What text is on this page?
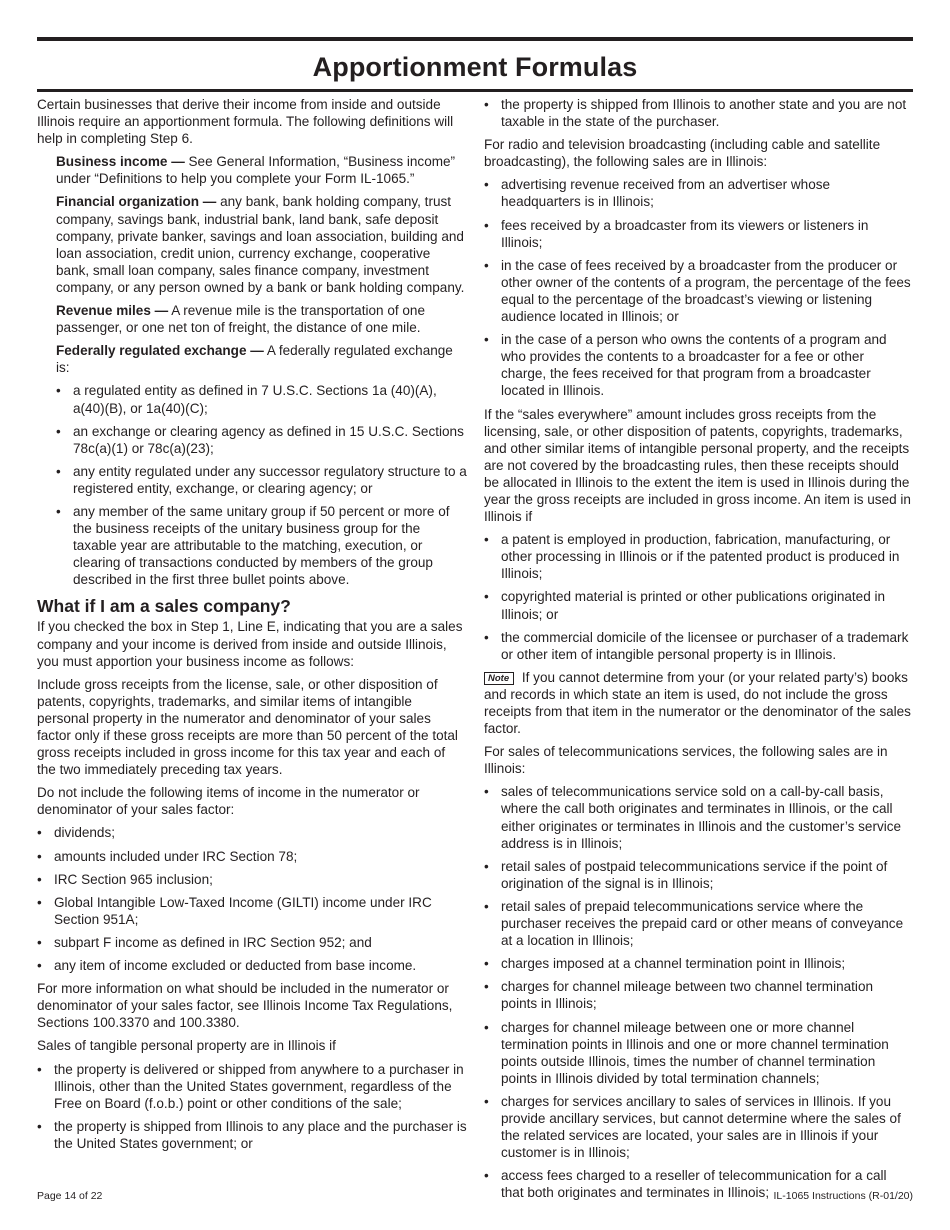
Apportionment Formulas

Certain businesses that derive their income from inside and outside Illinois require an apportionment formula. The following definitions will help in completing Step 6.

Business income — See General Information, “Business income” under “Definitions to help you complete your Form IL-1065.”

Financial organization — any bank, bank holding company, trust company, savings bank, industrial bank, land bank, safe deposit company, private banker, savings and loan association, building and loan association, credit union, currency exchange, cooperative bank, small loan company, sales finance company, investment company, or any person owned by a bank or bank holding company.

Revenue miles — A revenue mile is the transportation of one passenger, or one net ton of freight, the distance of one mile.

Federally regulated exchange — A federally regulated exchange is:

• a regulated entity as defined in 7 U.S.C. Sections 1a (40)(A), a(40)(B), or 1a(40)(C);
• an exchange or clearing agency as defined in 15 U.S.C. Sections 78c(a)(1) or 78c(a)(23);
• any entity regulated under any successor regulatory structure to a registered entity, exchange, or clearing agency; or
• any member of the same unitary group if 50 percent or more of the business receipts of the unitary business group for the taxable year are attributable to the matching, execution, or clearing of transactions conducted by members of the group described in the first three bullet points above.
What if I am a sales company?

If you checked the box in Step 1, Line E, indicating that you are a sales company and your income is derived from inside and outside Illinois, you must apportion your business income as follows:

Include gross receipts from the license, sale, or other disposition of patents, copyrights, trademarks, and similar items of intangible personal property in the numerator and denominator of your sales factor only if these gross receipts are more than 50 percent of the total gross receipts included in gross income for this tax year and each of the two immediately preceding tax years.

Do not include the following items of income in the numerator or denominator of your sales factor:

• dividends;
• amounts included under IRC Section 78;
• IRC Section 965 inclusion;
• Global Intangible Low-Taxed Income (GILTI) income under IRC Section 951A;
• subpart F income as defined in IRC Section 952; and
• any item of income excluded or deducted from base income.

For more information on what should be included in the numerator or denominator of your sales factor, see Illinois Income Tax Regulations, Sections 100.3370 and 100.3380.

Sales of tangible personal property are in Illinois if

• the property is delivered or shipped from anywhere to a purchaser in Illinois, other than the United States government, regardless of the Free on Board (f.o.b.) point or other conditions of the sale;
• the property is shipped from Illinois to any place and the purchaser is the United States government; or
• the property is shipped from Illinois to another state and you are not taxable in the state of the purchaser.

For radio and television broadcasting (including cable and satellite broadcasting), the following sales are in Illinois:

• advertising revenue received from an advertiser whose headquarters is in Illinois;
• fees received by a broadcaster from its viewers or listeners in Illinois;
• in the case of fees received by a broadcaster from the producer or other owner of the contents of a program, the percentage of the fees equal to the percentage of the broadcast’s viewing or listening audience located in Illinois; or
• in the case of a person who owns the contents of a program and who provides the contents to a broadcaster for a fee or other charge, the fees received for that program from a broadcaster located in Illinois.

If the “sales everywhere” amount includes gross receipts from the licensing, sale, or other disposition of patents, copyrights, trademarks, and other similar items of intangible personal property, and the receipts are not covered by the broadcasting rules, then these receipts should be allocated in Illinois to the extent the item is used in Illinois during the year the gross receipts are included in gross income. An item is used in Illinois if

• a patent is employed in production, fabrication, manufacturing, or other processing in Illinois or if the patented product is produced in Illinois;
• copyrighted material is printed or other publications originated in Illinois; or
• the commercial domicile of the licensee or purchaser of a trademark or other item of intangible personal property is in Illinois.

Note If you cannot determine from your (or your related party’s) books and records in which state an item is used, do not include the gross receipts from that item in the numerator or the denominator of the sales factor.

For sales of telecommunications services, the following sales are in Illinois:

• sales of telecommunications service sold on a call-by-call basis, where the call both originates and terminates in Illinois, or the call either originates or terminates in Illinois and the customer’s service address is in Illinois;
• retail sales of postpaid telecommunications service if the point of origination of the signal is in Illinois;
• retail sales of prepaid telecommunications service where the purchaser receives the prepaid card or other means of conveyance at a location in Illinois;
• charges imposed at a channel termination point in Illinois;
• charges for channel mileage between two channel termination points in Illinois;
• charges for channel mileage between one or more channel termination points in Illinois and one or more channel termination points outside Illinois, times the number of channel termination points in Illinois divided by total termination channels;
• charges for services ancillary to sales of services in Illinois. If you provide ancillary services, but cannot determine where the sales of the related services are located, your sales are in Illinois if your customer is in Illinois;
• access fees charged to a reseller of telecommunication for a call that both originates and terminates in Illinois;
Page 14 of 22	IL-1065 Instructions (R-01/20)
